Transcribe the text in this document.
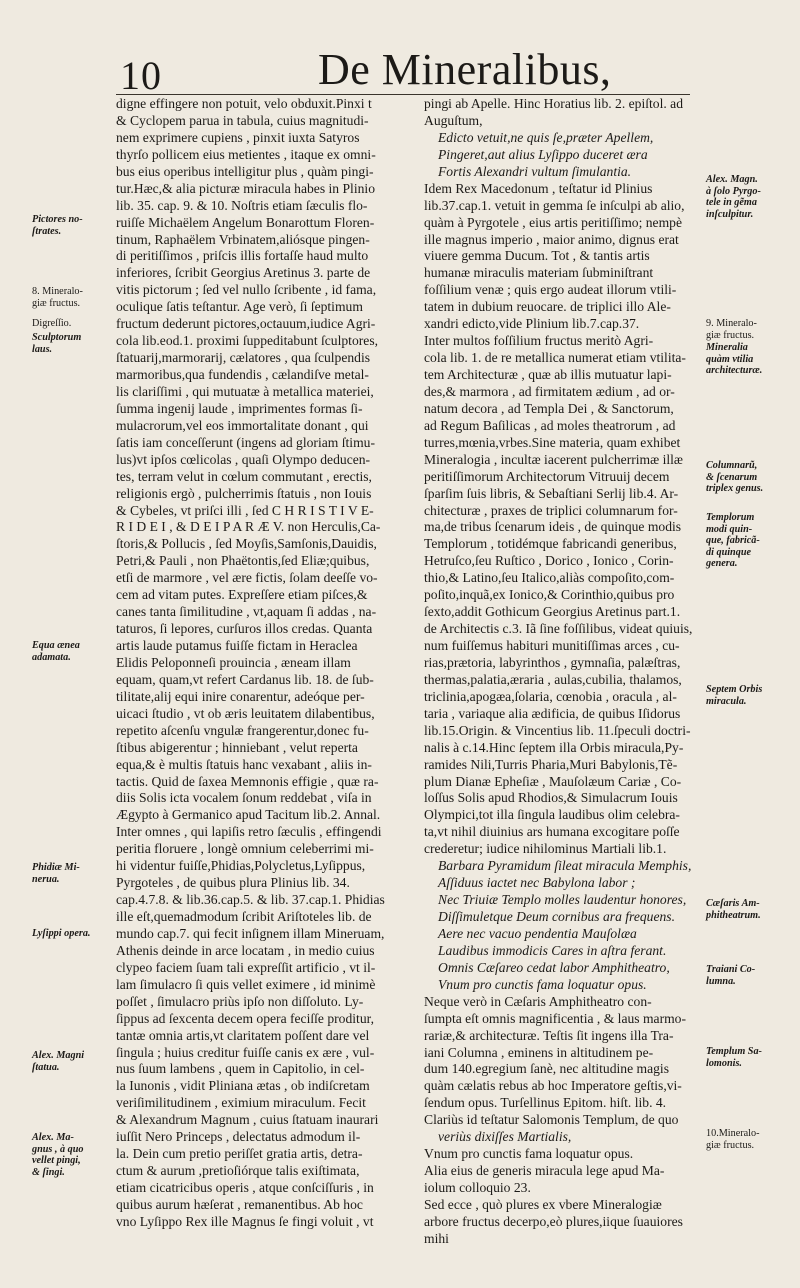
10	De Mineralibus,
digne effingere non potuit, velo obduxit.Pinxi t
& Cyclopem parua in tabula, cuius magnitudi-
nem exprimere cupiens , pinxit iuxta Satyros
thyrſo pollicem eius metientes , itaque ex omni-
bus eius operibus intelligitur plus , quàm pingi-
tur.Hæc,& alia picturæ miracula habes in Plinio
lib. 35. cap. 9. & 10. Noſtris etiam ſæculis flo-
ruiſſe Michaëlem Angelum Bonarottum Floren-
tinum, Raphaëlem Vrbinatem,aliósque pingen-
di peritiſſimos , priſcis illis fortaſſe haud multo
inferiores, ſcribit Georgius Aretinus 3. parte de
vitis pictorum ; ſed vel nullo ſcribente , id fama,
oculique ſatis teſtantur. Age verò, ſi ſeptimum
fructum dederunt pictores,octauum,iudice Agri-
cola lib.eod.1. proximi ſuppeditabunt ſculptores,
ſtatuarij,marmorarij, cælatores , qua ſculpendis
marmoribus,qua fundendis , cælandiſve metal-
lis clariſſimi , qui mutuatæ à metallica materiei,
ſumma ingenij laude , imprimentes formas ſi-
mulacrorum,vel eos immortalitate donant , qui
ſatis iam conceſſerunt (ingens ad gloriam ſtimu-
lus)vt ipſos cœlicolas , quaſi Olympo deducen-
tes, terram velut in cœlum commutant , erectis,
religionis ergò , pulcherrimis ſtatuis , non Iouis
& Cybeles, vt priſci illi , ſed C H R I S T I V E-
R I D E I , & D E I P A R Æ V. non Herculis,Ca-
ſtoris,& Pollucis , ſed Moyſis,Samſonis,Dauidis,
Petri,& Pauli , non Phaëtontis,ſed Eliæ;quibus,
etſi de marmore , vel ære fictis, ſolam deeſſe vo-
cem ad vitam putes. Expreſſere etiam piſces,&
canes tanta ſimilitudine , vt,aquam ſi addas , na-
taturos, ſi lepores, curſuros illos credas. Quanta
artis laude putamus fuiſſe fictam in Heraclea
Elidis Peloponneſi prouincia , æneam illam
equam, quam,vt refert Cardanus lib. 18. de ſub-
tilitate,alij equi inire conarentur, adeóque per-
uicaci ſtudio , vt ob æris leuitatem dilabentibus,
repetito aſcenſu vngulæ frangerentur,donec fu-
ſtibus abigerentur ; hinniebant , velut reperta
equa,& è multis ſtatuis hanc vexabant , aliis in-
tactis. Quid de ſaxea Memnonis effigie , quæ ra-
diis Solis icta vocalem ſonum reddebat , viſa in
Ægypto à Germanico apud Tacitum lib.2. Annal.
Inter omnes , qui lapiſis retro ſæculis , effingendi
peritia floruere , longè omnium celeberrimi mi-
hi videntur fuiſſe,Phidias,Polycletus,Lyſippus,
Pyrgoteles , de quibus plura Plinius lib. 34.
cap.4.7.8. & lib.36.cap.5. & lib. 37.cap.1. Phidias
ille eſt,quemadmodum ſcribit Ariſtoteles lib. de
mundo cap.7. qui fecit inſignem illam Mineruam,
Athenis deinde in arce locatam , in medio cuius
clypeo faciem ſuam tali expreſſit artificio , vt il-
lam ſimulacro ſi quis vellet eximere , id minimè
poſſet , ſimulacro priùs ipſo non diſſoluto. Ly-
ſippus ad ſexcenta decem opera feciſſe proditur,
tantæ omnia artis,vt claritatem poſſent dare vel
ſingula ; huius creditur fuiſſe canis ex ære , vul-
nus ſuum lambens , quem in Capitolio, in cel-
la Iunonis , vidit Pliniana ætas , ob indiſcretam
veriſimilitudinem , eximium miraculum. Fecit
& Alexandrum Magnum , cuius ſtatuam inaurari
iuſſit Nero Princeps , delectatus admodum il-
la. Dein cum pretio periſſet gratia artis, detra-
ctum & aurum ,pretioſiórque talis exiſtimata,
etiam cicatricibus operis , atque conſciſſuris , in
quibus aurum hæſerat , remanentibus. Ab hoc
vno Lyſippo Rex ille Magnus ſe fingi voluit , vt
pingi ab Apelle. Hinc Horatius lib. 2. epiſtol. ad
Auguſtum,
Edicto vetuit,ne quis ſe,præter Apellem,
Pingeret,aut alius Lyſippo duceret æra
Fortis Alexandri vultum ſimulantia.
Idem Rex Macedonum , teſtatur id Plinius
lib.37.cap.1. vetuit in gemma ſe inſculpi ab alio,
quàm à Pyrgotele , eius artis peritiſſimo; nempè
ille magnus imperio , maior animo, dignus erat
viuere gemma Ducum. Tot , & tantis artis
humanæ miraculis materiam ſubminiſtrant
foſſilium venæ ; quis ergo audeat illorum vtili-
tatem in dubium reuocare. de triplici illo Ale-
xandri edicto,vide Plinium lib.7.cap.37.
Inter multos foſſilium fructus meritò Agri-
cola lib. 1. de re metallica numerat etiam vtilita-
tem Architecturæ , quæ ab illis mutuatur lapi-
des,& marmora , ad firmitatem ædium , ad or-
natum decora , ad Templa Dei , & Sanctorum,
ad Regum Baſilicas , ad moles theatrorum , ad
turres,mœnia,vrbes.Sine materia, quam exhibet
Mineralogia , incultæ iacerent pulcherrimæ illæ
peritiſſimorum Architectorum Vitruuij decem
ſparſim ſuis libris, & Sebaſtiani Serlij lib.4. Ar-
chitecturæ , praxes de triplici columnarum for-
ma,de tribus ſcenarum ideis , de quinque modis
Templorum , totidémque fabricandi generibus,
Hetruſco,ſeu Ruſtico , Dorico , Ionico , Corin-
thio,& Latino,ſeu Italico,aliàs compoſito,com-
poſito,inquã,ex Ionico,& Corinthio,quibus pro
ſexto,addit Gothicum Georgius Aretinus part.1.
de Architectis c.3. Iã ſine foſſilibus, videat quiuis,
num fuiſſemus habituri munitiſſimas arces , cu-
rias,prætoria, labyrinthos , gymnaſia, palæſtras,
thermas,palatia,æraria , aulas,cubilia, thalamos,
triclinia,apogæa,ſolaria, cœnobia , oracula , al-
taria , variaque alia ædificia, de quibus Iſidorus
lib.15.Origin. & Vincentius lib. 11.ſpeculi doctri-
nalis à c.14.Hinc ſeptem illa Orbis miracula,Py-
ramides Nili,Turris Pharia,Muri Babylonis,Tẽ-
plum Dianæ Epheſiæ , Mauſolæum Cariæ , Co-
loſſus Solis apud Rhodios,& Simulacrum Iouis
Olympici,tot illa ſingula laudibus olim celebra-
ta,vt nihil diuinius ars humana excogitare poſſe
crederetur; iudice nihilominus Martiali lib.1.
Barbara Pyramidum ſileat miracula Memphis,
Aſſiduus iactet nec Babylona labor ;
Nec Triuiæ Templo molles laudentur honores,
Diſſimuletque Deum cornibus ara frequens.
Aere nec vacuo pendentia Mauſolæa
Laudibus immodicis Cares in aſtra ferant.
Omnis Cæſareo cedat labor Amphitheatro,
Vnum pro cunctis fama loquatur opus.
Neque verò in Cæſaris Amphitheatro con-
ſumpta eſt omnis magnificentia , & laus marmo-
rariæ,& architecturæ. Teſtis ſit ingens illa Tra-
iani Columna , eminens in altitudinem pe-
dum 140.egregium ſanè, nec altitudine magis
quàm cælatis rebus ab hoc Imperatore geſtis,vi-
ſendum opus. Turſellinus Epitom. hiſt. lib. 4.
Clariùs id teſtatur Salomonis Templum, de quo
veriùs dixiſſes Martialis,
Vnum pro cunctis fama loquatur opus.
Alia eius de generis miracula lege apud Ma-
iolum colloquio 23.
Sed ecce , quò plures ex vbere Mineralogiæ
arbore fructus decerpo,eò plures,iique ſuauiores
mihi
Pictores no-
ſtrates.
8. Mineralo-
giæ fructus.
Digreſſio.
Sculptorum
laus.
Equa ænea
adamata.
Phidiæ Mi-
nerua.
Lyſippi opera.
Alex. Magni
ſtatua.
Alex. Ma-
gnus , à quo
vellet pingi,
& ſingi.
Alex. Magn.
à ſolo Pyrgo-
tele in gẽma
inſculpitur.
9. Mineralo-
giæ fructus.
Mineralia
quàm vtilia
architecturæ.
Columnarũ,
& ſcenarum
triplex genus.
Templorum
modi quin-
que, fabricã-
di quinque
genera.
Septem Orbis
miracula.
Cæſaris Am-
phitheatrum.
Traiani Co-
lumna.
Templum Sa-
lomonis.
10.Mineralo-
giæ fructus.
